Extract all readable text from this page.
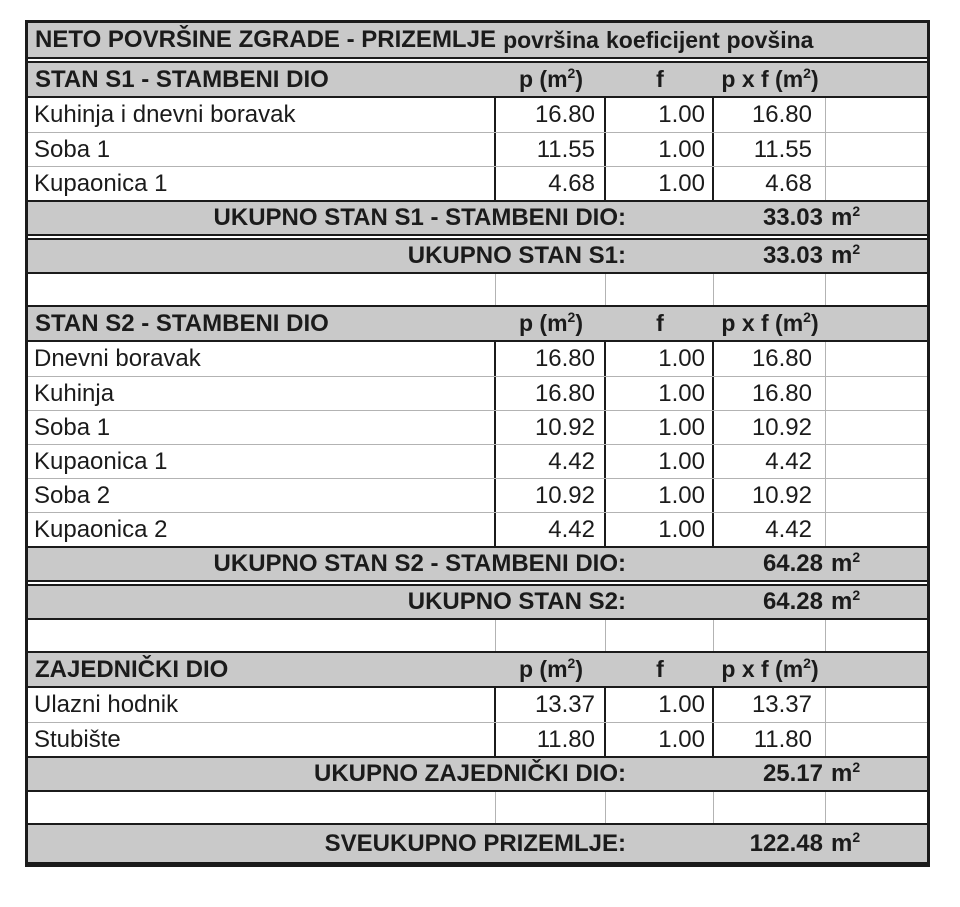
NETO POVRŠINE ZGRADE - PRIZEMLJE površina koeficijent povšina
STAN S1 - STAMBENI DIO	p $(m^2)$	f	p x f $(m^2)$
Kuhinja i dnevni boravak	16.80	1.00	16.80
Soba 1	11.55	1.00	11.55
Kupaonica 1	4.68	1.00	4.68
UKUPNO STAN S1 - STAMBENI DIO:	33.03 $m^2$
UKUPNO STAN S1:	33.03 $m^2$
STAN S2 - STAMBENI DIO	p $(m^2)$	f	p x f $(m^2)$
Dnevni boravak	16.80	1.00	16.80
Kuhinja	16.80	1.00	16.80
Soba 1	10.92	1.00	10.92
Kupaonica 1	4.42	1.00	4.42
Soba 2	10.92	1.00	10.92
Kupaonica 2	4.42	1.00	4.42
UKUPNO STAN S2 - STAMBENI DIO:	64.28 $m^2$
UKUPNO STAN S2:	64.28 $m^2$
ZAJEDNIČKI DIO	p $(m^2)$	f	p x f $(m^2)$
Ulazni hodnik	13.37	1.00	13.37
Stubište	11.80	1.00	11.80
UKUPNO ZAJEDNIČKI DIO:	25.17 $m^2$
SVEUKUPNO PRIZEMLJE:	122.48 $m^2$
